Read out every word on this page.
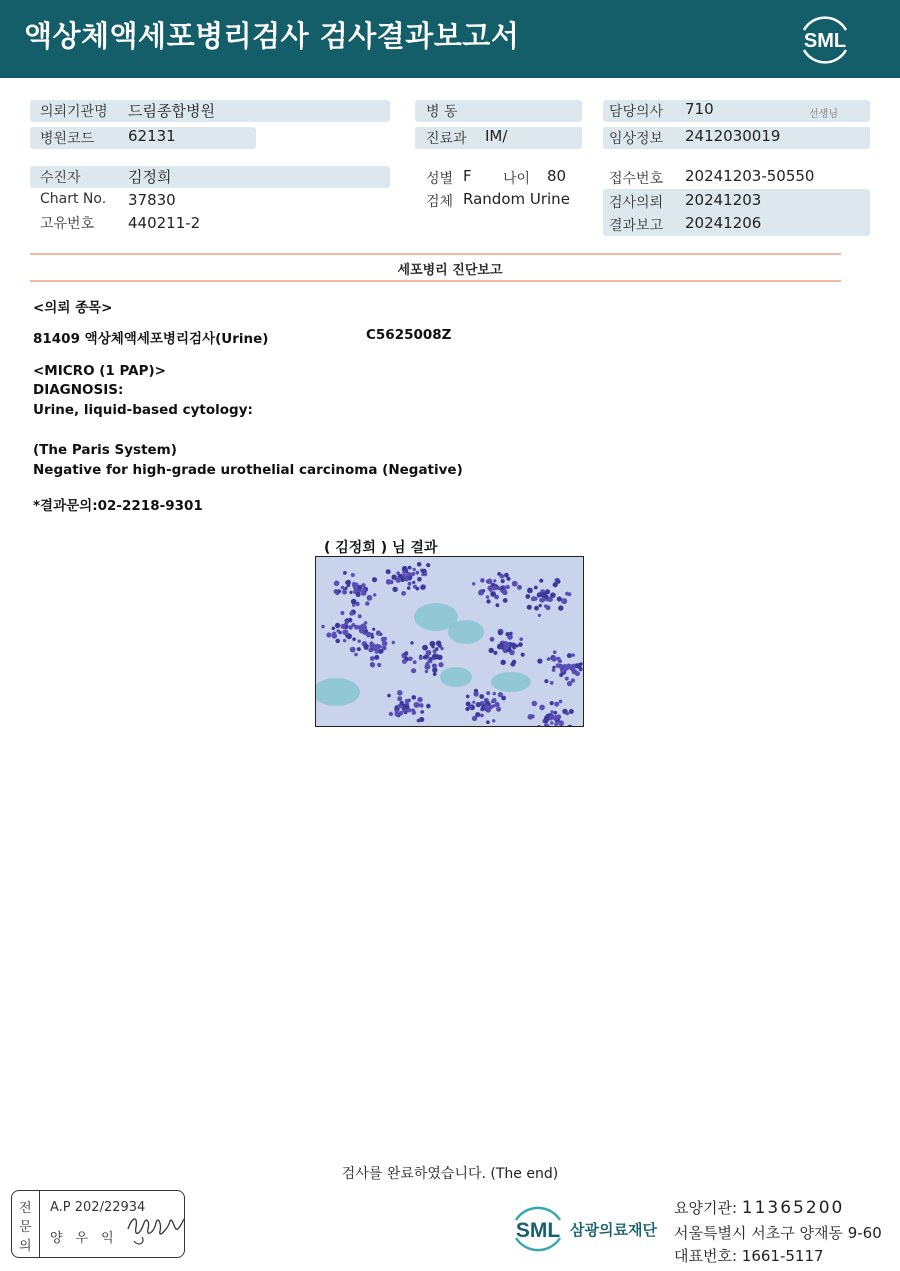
액상체액세포병리검사 검사결과보고서	SML
의뢰기관명 드림종합병원
병원코드 62131
병 동
진료과 IM/
담당의사 710	선생님
임상정보 2412030019
수진자	김정희
Chart No. 37830
고유번호 440211-2
성별 F 나이 80
검체 Random Urine
접수번호 20241203-50550
검사의뢰 20241203
결과보고 20241206
세포병리 진단보고
<의뢰 종목>
81409 액상체액세포병리검사(Urine)	C5625008Z
<MICRO (1 PAP)>
DIAGNOSIS:
Urine, liquid-based cytology:
(The Paris System)
Negative for high-grade urothelial carcinoma (Negative)
*결과문의:02-2218-9301
( 김정희 ) 님 결과
검사를 완료하였습니다. (The end)
전
문
의
A.P 202/22934
양우익	SML 삼광의료재단
요양기관: 11365200
서울특별시 서초구 양재동 9-60
대표번호: 1661-5117
